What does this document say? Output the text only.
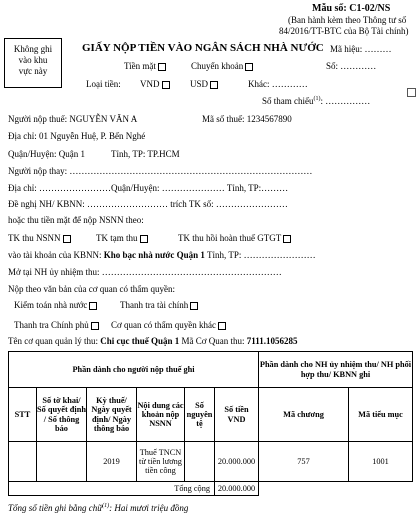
Mẫu số: C1-02/NS
(Ban hành kèm theo Thông tư số
84/2016/TT-BTC của Bộ Tài chính)
Không ghi
vào khu
vực này
GIẤY NỘP TIỀN VÀO NGÂN SÁCH NHÀ NƯỚC Mã hiệu: ………
Tiền mặt	Chuyển khoản	Số: …………
Loại tiền: VND	USD	Khác: …………
Số tham chiếu$^{(1)}$: ……………
Người nộp thuế: NGUYỄN VĂN A	Mã số thuế: 1234567890
Địa chỉ: 01 Nguyễn Huệ, P. Bến Nghé
Quận/Huyện: Quận 1	Tỉnh, TP: TP.HCM
Người nộp thay: ………………………………………………………………………
Địa chỉ: ……………………Quận/Huyện: ………………… Tỉnh, TP:………
Đề nghị NH/ KBNN: ……………………… trích TK số: ……………………
hoặc thu tiền mặt để nộp NSNN theo:
TK thu NSNN	TK tạm thu	TK thu hồi hoàn thuế GTGT
vào tài khoản của KBNN: Kho bạc nhà nước Quận 1 Tỉnh, TP: ……………………
Mở tại NH ủy nhiệm thu: ……………………………………………………
Nộp theo văn bản của cơ quan có thẩm quyền:
Kiểm toán nhà nước	Thanh tra tài chính
Thanh tra Chính phủ	Cơ quan có thẩm quyền khác
Tên cơ quan quản lý thu: Chi cục thuế Quận 1 Mã Cơ Quan thu: 7111.1056285
Phần dành cho người nộp thuế ghi						Phần dành cho NH ủy nhiệm thu/ NH phối hợp thu/ KBNN ghi	
STT	Số tờ khai/ Số quyết định / Số thông báo	Kỳ thuế/ Ngày quyết định/ Ngày thông báo	Nội dung các khoản nộp NSNN	Số nguyên tệ	Số tiền VND	Mã chương	Mã tiểu mục
		2019	Thuế TNCN từ tiền lương tiền công		20.000.000	757	1001
Tổng cộng					20.000.000		
Tổng số tiền ghi bằng chữ$^{(1)}$: Hai mươi triệu đồng
